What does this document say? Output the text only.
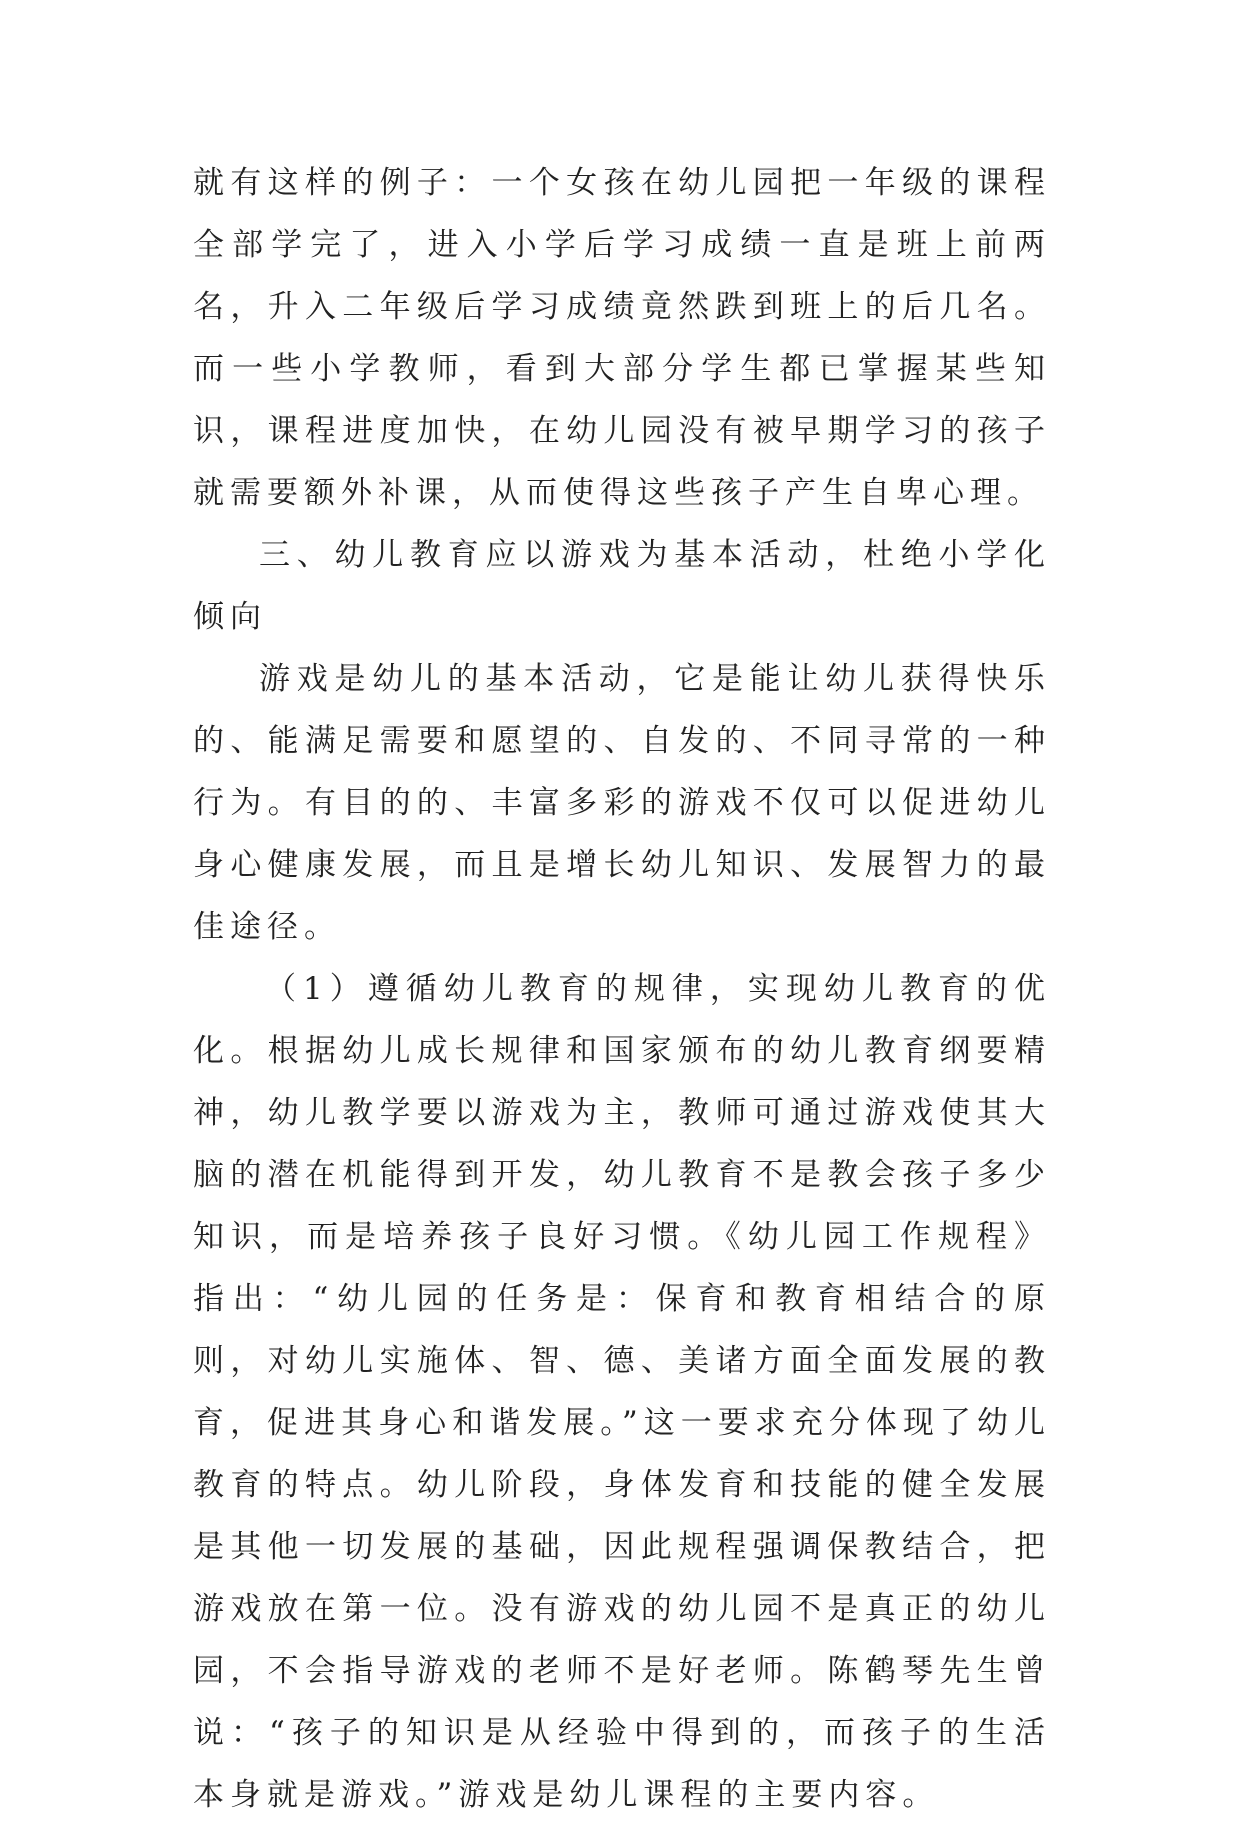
就有这样的例子：一个女孩在幼儿园把一年级的课程全部学完了，进入小学后学习成绩一直是班上前两名，升入二年级后学习成绩竟然跌到班上的后几名。而一些小学教师，看到大部分学生都已掌握某些知识，课程进度加快，在幼儿园没有被早期学习的孩子就需要额外补课，从而使得这些孩子产生自卑心理。

三、幼儿教育应以游戏为基本活动，杜绝小学化倾向

游戏是幼儿的基本活动，它是能让幼儿获得快乐的、能满足需要和愿望的、自发的、不同寻常的一种行为。有目的的、丰富多彩的游戏不仅可以促进幼儿身心健康发展，而且是增长幼儿知识、发展智力的最佳途径。

（1）遵循幼儿教育的规律，实现幼儿教育的优化。根据幼儿成长规律和国家颁布的幼儿教育纲要精神，幼儿教学要以游戏为主，教师可通过游戏使其大脑的潜在机能得到开发，幼儿教育不是教会孩子多少知识，而是培养孩子良好习惯。《幼儿园工作规程》指出：“幼儿园的任务是：保育和教育相结合的原则，对幼儿实施体、智、德、美诸方面全面发展的教育，促进其身心和谐发展。”这一要求充分体现了幼儿教育的特点。幼儿阶段，身体发育和技能的健全发展是其他一切发展的基础，因此规程强调保教结合，把游戏放在第一位。没有游戏的幼儿园不是真正的幼儿园，不会指导游戏的老师不是好老师。陈鹤琴先生曾说：“孩子的知识是从经验中得到的，而孩子的生活本身就是游戏。”游戏是幼儿课程的主要内容。
